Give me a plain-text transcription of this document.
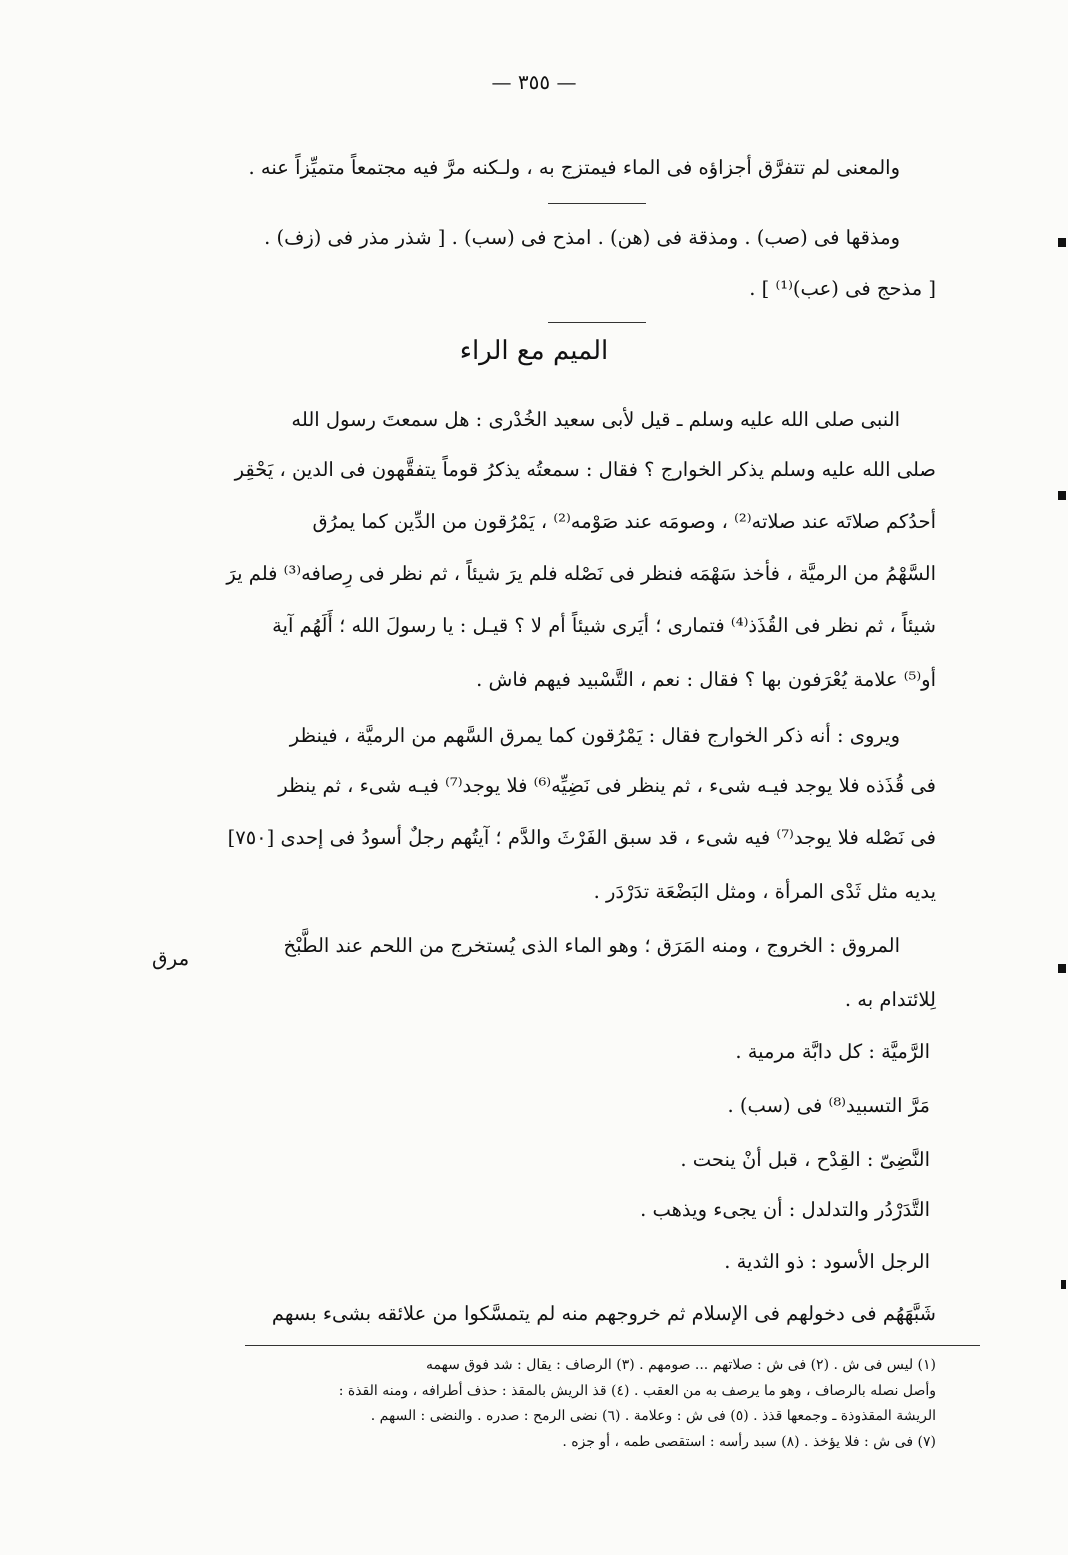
— ٣٥٥ —
والمعنى لم تتفرَّق أجزاؤه فى الماء فيمتزج به ، ولـكنه مرَّ فيه مجتمعاً متميِّزاً عنه .
ومذقها فى (صب) . ومذقة فى (هن) . امذح فى (سب) . [ شذر مذر فى (زف) .
[ مذحج فى (عب)⁽¹⁾ ] .
الميم مع الراء
النبى صلى الله عليه وسلم ـ قيل لأبى سعيد الخُدْرى : هل سمعتَ رسول الله
صلى الله عليه وسلم يذكر الخوارج ؟ فقال : سمعتُه يذكرُ قوماً يتفقَّهون فى الدين ، يَحْقِر
أحدُكم صلاتَه عند صلاته⁽²⁾ ، وصومَه عند صَوْمه⁽²⁾ ، يَمْرُقون من الدِّين كما يمرُق
السَّهْمُ من الرميَّة ، فأخذ سَهْمَه فنظر فى نَصْله فلم يرَ شيئاً ، ثم نظر فى رِصافه⁽³⁾ فلم يرَ
شيئاً ، ثم نظر فى القُذَذ⁽⁴⁾ فتمارى ؛ أيَرى شيئاً أم لا ؟ قيـل : يا رسولَ الله ؛ أَلَهُم آية
أو⁽⁵⁾ علامة يُعْرَفون بها ؟ فقال : نعم ، التَّسْبيد فيهم فاش .
ويروى : أنه ذكر الخوارج فقال : يَمْرُقون كما يمرق السَّهم من الرميَّة ، فينظر
فى قُذَذه فلا يوجد فيـه شىء ، ثم ينظر فى نَضِيِّه⁽⁶⁾ فلا يوجد⁽⁷⁾ فيـه شىء ، ثم ينظر
فى نَصْله فلا يوجد⁽⁷⁾ فيه شىء ، قد سبق الفَرْثَ والدَّم ؛ آيتُهم رجلٌ أسودُ فى إحدى [٧٥٠]
يديه مثل ثَدْى المرأة ، ومثل البَضْعَة تدَرْدَر .
المروق : الخروج ، ومنه المَرَق ؛ وهو الماء الذى يُستخرج من اللحم عند الطَّبْخ
مرق
لِلائتدام به .
الرَّميَّة : كل دابَّة مرمية .
مَرَّ التسبيد⁽⁸⁾ فى (سب) .
النَّضِىّ : القِدْح ، قبل أنْ ينحت .
التَّدَرْدُر والتدلدل : أن يجىء ويذهب .
الرجل الأسود : ذو الثدية .
شَبَّهَهُم فى دخولهم فى الإسلام ثم خروجهم منه لم يتمسَّكوا من علائقه بشىء بسهم
(١) ليس فى ش . (٢) فى ش : صلاتهم ... صومهم . (٣) الرصاف : يقال : شد فوق سهمه
وأصل نصله بالرصاف ، وهو ما يرصف به من العقب . (٤) قذ الريش بالمقذ : حذف أطرافه ، ومنه القذة :
الريشة المقذوذة ـ وجمعها قذذ . (٥) فى ش : وعلامة . (٦) نضى الرمح : صدره . والنضى : السهم .
(٧) فى ش : فلا يؤخذ . (٨) سبد رأسه : استقصى طمه ، أو جزه .
